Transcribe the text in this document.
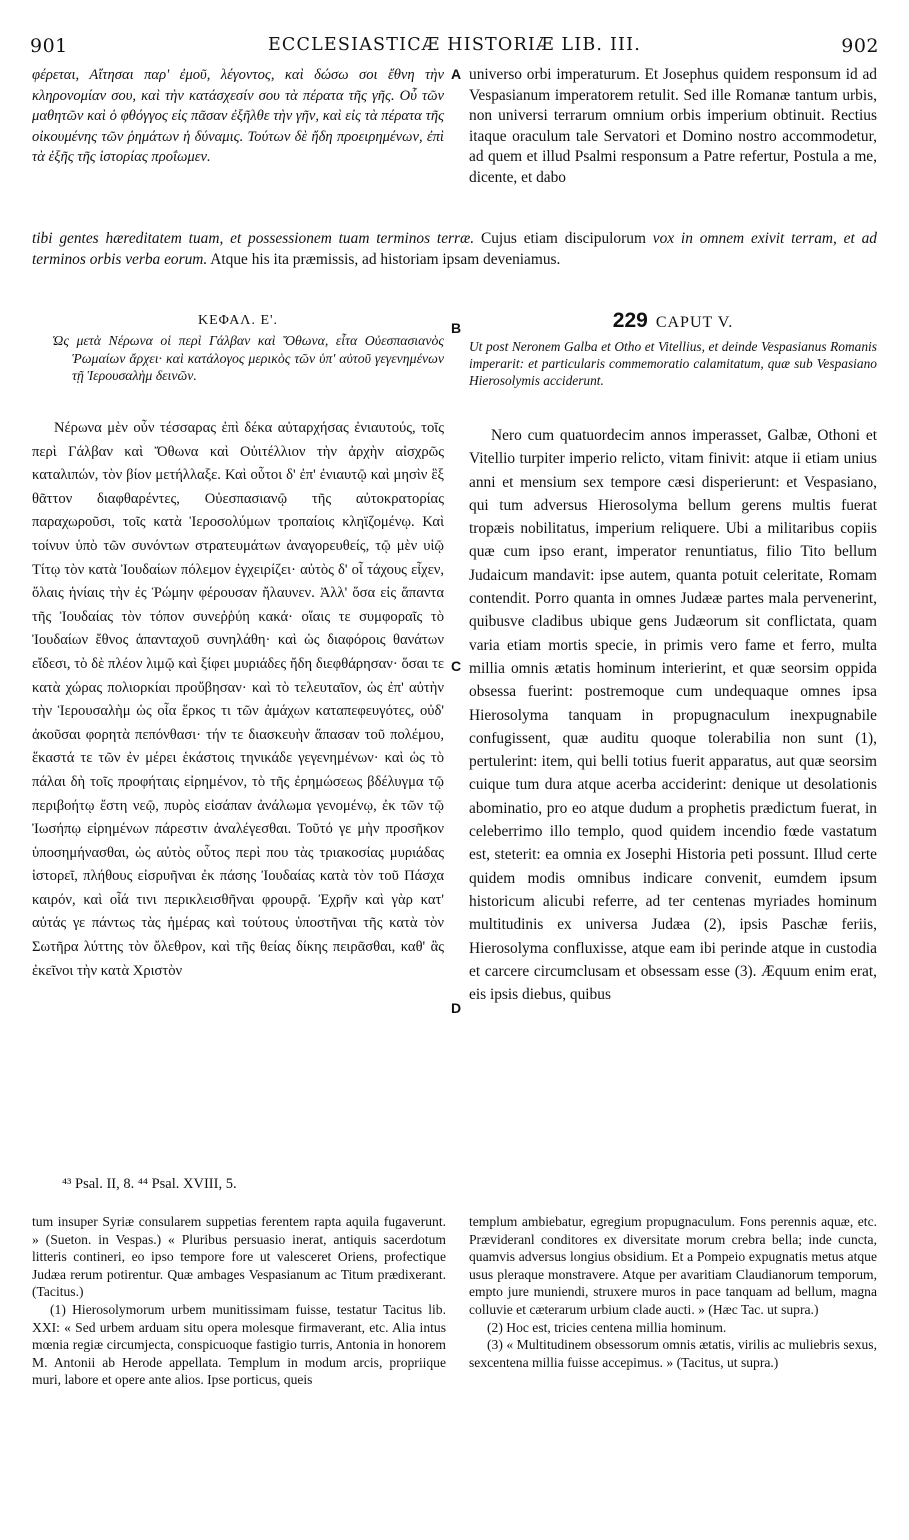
901	ECCLESIASTICÆ HISTORIÆ LIB. III.	902
A
B
C
D
φέρεται, Αἴτησαι παρ' ἐμοῦ, λέγοντος, καὶ δώσω σοι ἔθνη τὴν κληρονομίαν σου, καὶ τὴν κατάσχεσίν σου τὰ πέρατα τῆς γῆς. Οὗ τῶν μαθητῶν καὶ ὁ φθόγγος εἰς πᾶσαν ἐξῆλθε τὴν γῆν, καὶ εἰς τὰ πέρατα τῆς οἰκουμένης τῶν ῥημάτων ἡ δύναμις. Τούτων δὲ ἤδη προειρημένων, ἐπὶ τὰ ἑξῆς τῆς ἱστορίας προΐωμεν.
universo orbi imperaturum. Et Josephus quidem responsum id ad Vespasianum imperatorem retulit. Sed ille Romanæ tantum urbis, non universi terrarum omnium orbis imperium obtinuit. Rectius itaque oraculum tale Servatori et Domino nostro accommodetur, ad quem et illud Psalmi responsum a Patre refertur, Postula a me, dicente, et dabo
tibi gentes hæreditatem tuam, et possessionem tuam terminos terræ. Cujus etiam discipulorum vox in omnem exivit terram, et ad terminos orbis verba eorum. Atque his ita præmissis, ad historiam ipsam deveniamus.
ΚΕΦΑΛ. Ε'.
Ὡς μετὰ Νέρωνα οἱ περὶ Γάλβαν καὶ Ὄθωνα, εἶτα Οὐεσπασιανὸς Ῥωμαίων ἄρχει· καὶ κατάλογος μερικὸς τῶν ὑπ' αὐτοῦ γεγενημένων τῇ Ἱερουσαλὴμ δεινῶν.
229 CAPUT V.
Ut post Neronem Galba et Otho et Vitellius, et deinde Vespasianus Romanis imperarit: et particularis commemoratio calamitatum, quæ sub Vespasiano Hierosolymis acciderunt.
Νέρωνα μὲν οὖν τέσσαρας ἐπὶ δέκα αὐταρχήσας ἐνιαυτούς, τοῖς περὶ Γάλβαν καὶ Ὄθωνα καὶ Οὐιτέλλιον τὴν ἀρχὴν αἰσχρῶς καταλιπών, τὸν βίον μετήλλαξε. Καὶ οὗτοι δ' ἐπ' ἐνιαυτῷ καὶ μησὶν ἓξ θᾶττον διαφθαρέντες, Οὐεσπασιανῷ τῆς αὐτοκρατορίας παραχωροῦσι, τοῖς κατὰ Ἱεροσολύμων τροπαίοις κληϊζομένῳ. Καὶ τοίνυν ὑπὸ τῶν συνόντων στρατευμάτων ἀναγορευθείς, τῷ μὲν υἱῷ Τίτῳ τὸν κατὰ Ἰουδαίων πόλεμον ἐγχειρίζει· αὐτὸς δ' οἷ τάχους εἶχεν, ὅλαις ἡνίαις τὴν ἐς Ῥώμην φέρουσαν ἤλαυνεν. Ἀλλ' ὅσα εἰς ἅπαντα τῆς Ἰουδαίας τὸν τόπον συνεῤῥύη κακά· οἵαις τε συμφοραῖς τὸ Ἰουδαίων ἔθνος ἁπανταχοῦ συνηλάθη· καὶ ὡς διαφόροις θανάτων εἴδεσι, τὸ δὲ πλέον λιμῷ καὶ ξίφει μυριάδες ἤδη διεφθάρησαν· ὅσαι τε κατὰ χώρας πολιορκίαι προὔβησαν· καὶ τὸ τελευταῖον, ὡς ἐπ' αὐτὴν τὴν Ἱερουσαλὴμ ὡς οἷα ἕρκος τι τῶν ἀμάχων καταπεφευγότες, οὐδ' ἀκοῦσαι φορητὰ πεπόνθασι· τήν τε διασκευὴν ἅπασαν τοῦ πολέμου, ἕκαστά τε τῶν ἐν μέρει ἑκάστοις τηνικάδε γεγενημένων· καὶ ὡς τὸ πάλαι δὴ τοῖς προφήταις εἰρημένον, τὸ τῆς ἐρημώσεως βδέλυγμα τῷ περιβοήτῳ ἔστη νεῷ, πυρὸς εἰσάπαν ἀνάλωμα γενομένῳ, ἐκ τῶν τῷ Ἰωσήπῳ εἰρημένων πάρεστιν ἀναλέγεσθαι. Τοῦτό γε μὴν προσῆκον ὑποσημήνασθαι, ὡς αὐτὸς οὗτος περὶ που τὰς τριακοσίας μυριάδας ἱστορεῖ, πλήθους εἰσρυῆναι ἐκ πάσης Ἰουδαίας κατὰ τὸν τοῦ Πάσχα καιρόν, καὶ οἷά τινι περικλεισθῆναι φρουρᾷ. Ἐχρῆν καὶ γὰρ κατ' αὐτάς γε πάντως τὰς ἡμέρας καὶ τούτους ὑποστῆναι τῆς κατὰ τὸν Σωτῆρα λύττης τὸν ὄλεθρον, καὶ τῆς θείας δίκης πειρᾶσθαι, καθ' ἃς ἐκεῖνοι τὴν κατὰ Χριστὸν
Nero cum quatuordecim annos imperasset, Galbæ, Othoni et Vitellio turpiter imperio relicto, vitam finivit: atque ii etiam unius anni et mensium sex tempore cæsi disperierunt: et Vespasiano, qui tum adversus Hierosolyma bellum gerens multis fuerat tropæis nobilitatus, imperium reliquere. Ubi a militaribus copiis quæ cum ipso erant, imperator renuntiatus, filio Tito bellum Judaicum mandavit: ipse autem, quanta potuit celeritate, Romam contendit. Porro quanta in omnes Judææ partes mala pervenerint, quibusve cladibus ubique gens Judæorum sit conflictata, quam varia etiam mortis specie, in primis vero fame et ferro, multa millia omnis ætatis hominum interierint, et quæ seorsim oppida obsessa fuerint: postremoque cum undequaque omnes ipsa Hierosolyma tanquam in propugnaculum inexpugnabile confugissent, quæ auditu quoque tolerabilia non sunt (1), pertulerint: item, qui belli totius fuerit apparatus, aut quæ seorsim cuique tum dura atque acerba acciderint: denique ut desolationis abominatio, pro eo atque dudum a prophetis prædictum fuerat, in celeberrimo illo templo, quod quidem incendio fœde vastatum est, steterit: ea omnia ex Josephi Historia peti possunt. Illud certe quidem modis omnibus indicare convenit, eumdem ipsum historicum alicubi referre, ad ter centenas myriades hominum multitudinis ex universa Judæa (2), ipsis Paschæ feriis, Hierosolyma confluxisse, atque eam ibi perinde atque in custodia et carcere circumclusam et obsessam esse (3). Æquum enim erat, eis ipsis diebus, quibus
⁴³ Psal. II, 8. ⁴⁴ Psal. XVIII, 5.

tum insuper Syriæ consularem suppetias ferentem rapta aquila fugaverunt. » (Sueton. in Vespas.) « Pluribus persuasio inerat, antiquis sacerdotum litteris contineri, eo ipso tempore fore ut valesceret Oriens, profectique Judæa rerum potirentur. Quæ ambages Vespasianum ac Titum prædixerant. (Tacitus.)

(1) Hierosolymorum urbem munitissimam fuisse, testatur Tacitus lib. XXI: « Sed urbem arduam situ opera molesque firmaverant, etc. Alia intus mœnia regiæ circumjecta, conspicuoque fastigio turris, Antonia in honorem M. Antonii ab Herode appellata. Templum in modum arcis, propriique muri, labore et opere ante alios. Ipse porticus, queis

templum ambiebatur, egregium propugnaculum. Fons perennis aquæ, etc. Prævideranl conditores ex diversitate morum crebra bella; inde cuncta, quamvis adversus longius obsidium. Et a Pompeio expugnatis metus atque usus pleraque monstravere. Atque per avaritiam Claudianorum temporum, empto jure muniendi, struxere muros in pace tanquam ad bellum, magna colluvie et cæterarum urbium clade aucti. » (Hæc Tac. ut supra.)

(2) Hoc est, tricies centena millia hominum.

(3) « Multitudinem obsessorum omnis ætatis, virilis ac muliebris sexus, sexcentena millia fuisse accepimus. » (Tacitus, ut supra.)
